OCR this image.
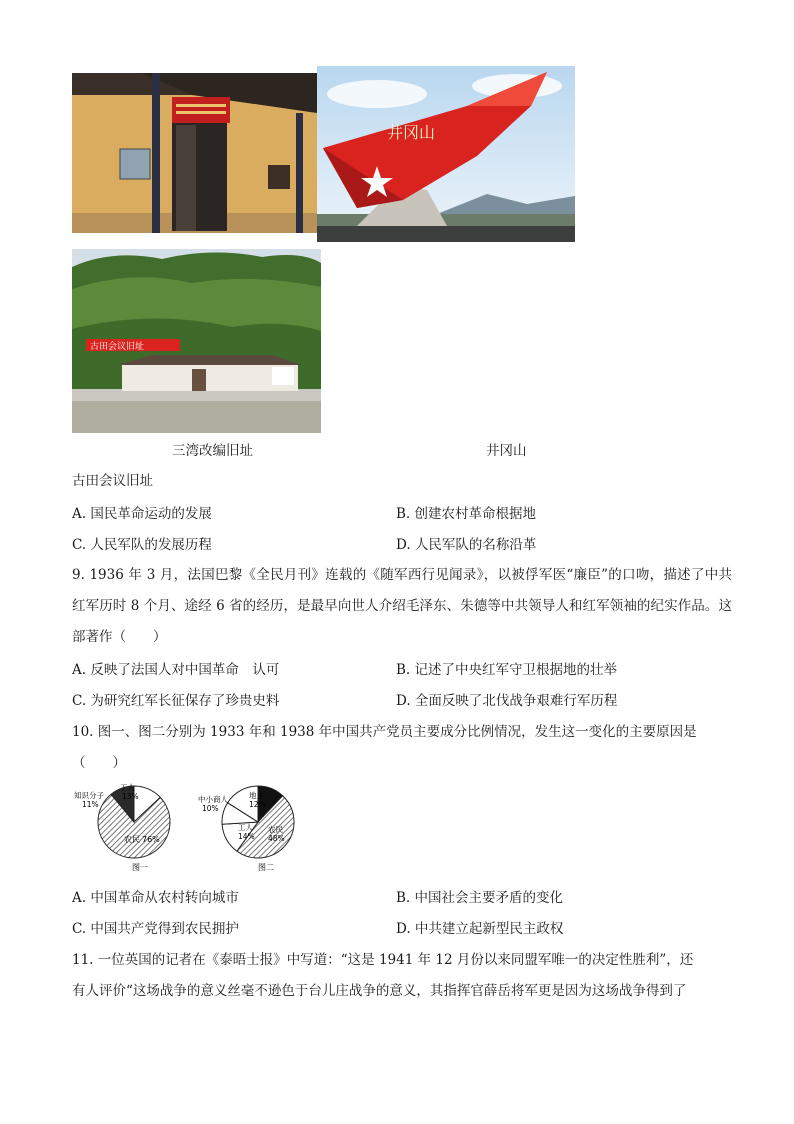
井冈山
古田会议旧址
三湾改编旧址	井冈山
古田会议旧址
A. 国民革命运动的发展	B. 创建农村革命根据地
C. 人民军队的发展历程	D. 人民军队的名称沿革
9. 1936 年 3 月，法国巴黎《全民月刊》连载的《随军西行见闻录》，以被俘军医“廉臣”的口吻，描述了中共红军历时 8 个月、途经 6 省的经历，是最早向世人介绍毛泽东、朱德等中共领导人和红军领袖的纪实作品。这部著作（　　）
A. 反映了法国人对中国革命　认可	B. 记述了中央红军守卫根据地的壮举
C. 为研究红军长征保存了珍贵史料	D. 全面反映了北伐战争艰难行军历程
10. 图一、图二分别为 1933 年和 1938 年中国共产党员主要成分比例情况，发生这一变化的主要原因是
（　　）
知识分子
11%
工人
13%
农民 76%
图一
中小商人
10%
地主
12%
工人
14%
农民
48%
图二
A. 中国革命从农村转向城市	B. 中国社会主要矛盾的变化
C. 中国共产党得到农民拥护	D. 中共建立起新型民主政权
11. 一位英国的记者在《泰晤士报》中写道：“这是 1941 年 12 月份以来同盟军唯一的决定性胜利”，还
有人评价“这场战争的意义丝毫不逊色于台儿庄战争的意义，其指挥官薛岳将军更是因为这场战争得到了
